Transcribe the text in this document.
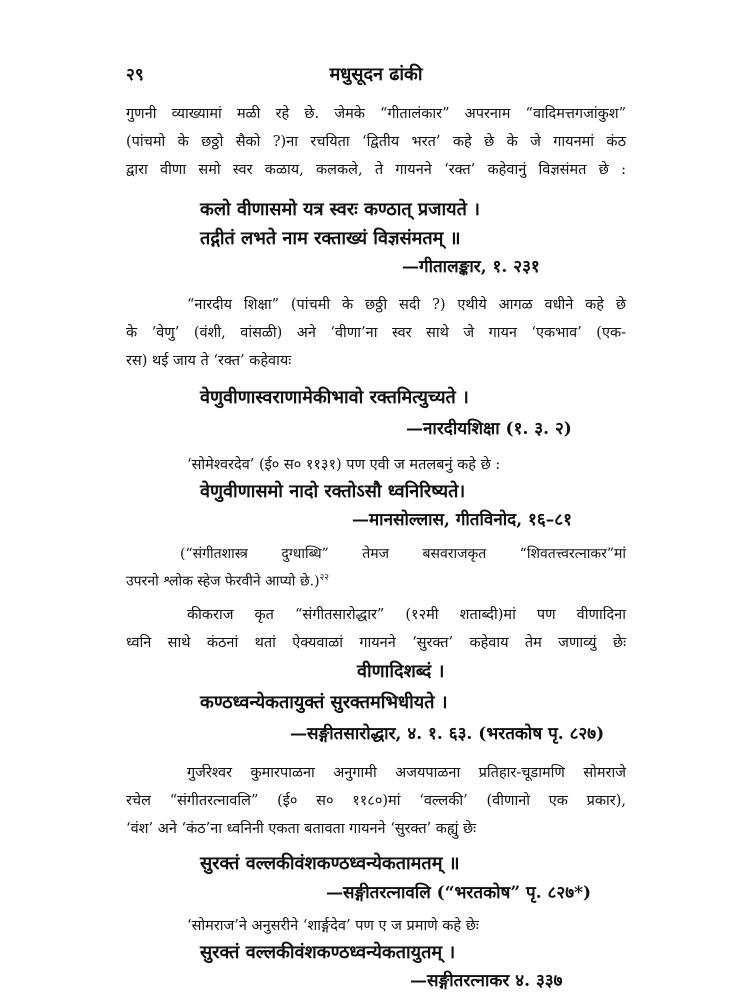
२९	मधुसूदन ढांकी
गुणनी व्याख्यामां मळी रहे छे. जेमके “गीतालंकार” अपरनाम “वादिमत्तगजांकुश”
(पांचमो के छठ्ठो सैको ?)ना रचयिता ‘द्वितीय भरत’ कहे छे के जे गायनमां कंठ
द्वारा वीणा समो स्वर कळाय, कलकले, ते गायनने ‘रक्त’ कहेवानुं विज्ञसंमत छे :
कलो वीणासमो यत्र स्वरः कण्ठात् प्रजायते ।
तद्गीतं लभते नाम रक्ताख्यं विज्ञसंमतम् ॥
—गीतालङ्कार, १. २३१
“नारदीय शिक्षा” (पांचमी के छठ्ठी सदी ?) एथीये आगळ वधीने कहे छे
के ‘वेणु’ (वंशी, वांसळी) अने ‘वीणा’ना स्वर साथे जे गायन ‘एकभाव’ (एक-
रस) थई जाय ते ‘रक्त’ कहेवायः
वेणुवीणास्वराणामेकीभावो रक्तमित्युच्यते ।
—नारदीयशिक्षा (१. ३. २)
‘सोमेश्वरदेव’ (ई० स० ११३१) पण एवी ज मतलबनुं कहे छे :
वेणुवीणासमो नादो रक्तोऽसौ ध्वनिरिष्यते।
—मानसोल्लास, गीतविनोद, १६–८१
(“संगीतशास्त्र दुग्धाब्धि” तेमज बसवराजकृत “शिवतत्त्वरत्नाकर”मां
उपरनो श्लोक स्हेज फेरवीने आप्यो छे.)$^{२२}$
कीकराज कृत “संगीतसारोद्धार” (१२मी शताब्दी)मां पण वीणादिना
ध्वनि साथे कंठनां थतां ऐक्यवाळां गायनने ‘सुरक्त’ कहेवाय तेम जणाव्युं छेः
वीणादिशब्दं ।
कण्ठध्वन्येकतायुक्तं सुरक्तमभिधीयते ।
—सङ्गीतसारोद्धार, ४. १. ६३. (भरतकोष पृ. ८२७)
गुर्जरेश्वर कुमारपाळना अनुगामी अजयपाळना प्रतिहार-चूडामणि सोमराजे
रचेल “संगीतरत्नावलि” (ई० स० ११८०)मां ‘वल्लकी’ (वीणानो एक प्रकार),
‘वंश’ अने ‘कंठ’ना ध्वनिनी एकता बतावता गायनने ‘सुरक्त’ कह्युं छेः
सुरक्तं वल्लकीवंशकण्ठध्वन्येकतामतम् ॥
—सङ्गीतरत्नावलि (“भरतकोष” पृ. ८२७*)
‘सोमराज’ने अनुसरीने ‘शार्ङ्गदेव’ पण ए ज प्रमाणे कहे छेः
सुरक्तं वल्लकीवंशकण्ठध्वन्येकतायुतम् ।
—सङ्गीतरत्नाकर ४. ३३७
